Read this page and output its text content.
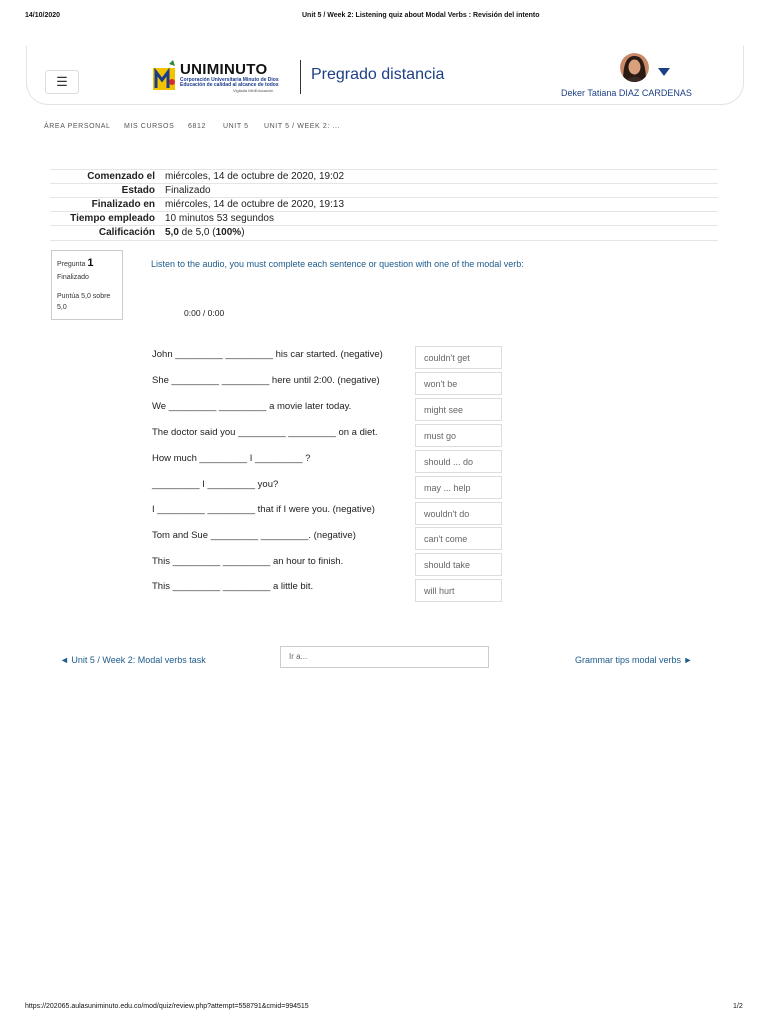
14/10/2020	Unit 5 / Week 2: Listening quiz about Modal Verbs : Revisión del intento
https://202065.aulasuniminuto.edu.co/mod/quiz/review.php?attempt=558791&cmid=994515	1/2
☰
UNIMINUTO
Corporación Universitaria Minuto de Dios
Educación de calidad al alcance de todos
Vigilada MinEducación
Pregrado distancia
Deker Tatiana DIAZ CARDENAS
ÁREA PERSONAL MIS CURSOS 6812 UNIT 5 UNIT 5 / WEEK 2: ...
Comenzado el miércoles, 14 de octubre de 2020, 19:02
Estado Finalizado
Finalizado en miércoles, 14 de octubre de 2020, 19:13
Tiempo empleado 10 minutos 53 segundos
Calificación 5,0 de 5,0 (100%)
Pregunta 1
Finalizado
Puntúa 5,0 sobre 5,0
Listen to the audio, you must complete each sentence or question with one of the modal verb:
0:00 / 0:00
John _________ _________ his car started. (negative)	couldn't get
She _________ _________ here until 2:00. (negative)	won't be
We _________ _________ a movie later today.	might see
The doctor said you _________ _________ on a diet.	must go
How much _________ I _________ ?	should ... do
_________ I _________ you?	may ... help
I _________ _________ that if I were you. (negative)	wouldn't do
Tom and Sue _________ _________. (negative)	can't come
This _________ _________ an hour to finish.	should take
This _________ _________ a little bit.	will hurt
◄ Unit 5 / Week 2: Modal verbs task	Ir a...	Grammar tips modal verbs ►
